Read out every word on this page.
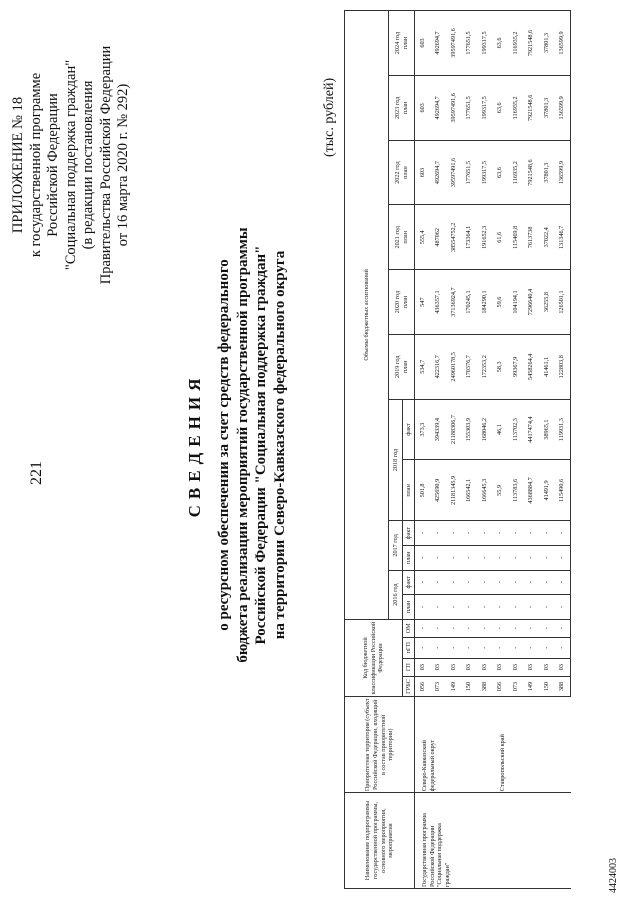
221
ПРИЛОЖЕНИЕ № 18 к государственной программе Российской Федерации "Социальная поддержка граждан" (в редакции постановления Правительства Российской Федерации от 16 марта 2020 г. № 292)
СВЕДЕНИЯ о ресурсном обеспечении за счет средств федерального бюджета реализации мероприятий государственной программы Российской Федерации "Социальная поддержка граждан" на территории Северо-Кавказского федерального округа
(тыс. рублей)
Наименование подпрограммы государственной программы, основного мероприятия, мероприятия	Приоритетная территория (субъект Российской Федерации, входящий в состав приоритетной территории)	Код бюджетной классификации Российской Федерации				Объемы бюджетных ассигнований											
						2016 год		2017 год		2018 год		2019 год
план	2020 год
план	2021 год
план	2022 год
план	2023 год
план	2024 год
план
		ГРБС	ГП	пГП	ОМ	план	факт	план	факт	план	факт						
Государственная программа
Российской Федерации
"Социальная поддержка
граждан"	Северо-Кавказский
федеральный округ	056	03	-	-	-	-	-	-	501,8	373,3	534,7	547	555,4	603	603	603
		073	03	-	-	-	-	-	-	425690,9	394339,4	422316,7	436357,1	487062	492694,7	492694,7	492694,7
		149	03	-	-	-	-	-	-	21181345,9	21188306,7	24960178,5	37136924,7	38554752,2	39597491,6	39597491,6	39597491,6
		150	03	-	-	-	-	-	-	166542,1	155303,9	170376,7	170245,1	173364,1	177651,5	177651,5	177651,5
		388	03	-	-	-	-	-	-	166645,3	168046,2	172353,2	184290,1	191652,3	199317,5	199317,5	199317,5
	Ставропольский край	056	03	-	-	-	-	-	-	55,9	46,1	58,3	59,6	61,6	63,6	63,6	63,6
		073	03	-	-	-	-	-	-	113783,6	113702,3	99367,9	104194,1	115469,8	116935,2	116935,2	116935,2
		149	03	-	-	-	-	-	-	4368884,7	4417474,4	5458264,4	7296640,4	7613738	7921548,6	7921548,6	7921548,6
		150	03	-	-	-	-	-	-	41491,9	38965,1	41461,1	36255,8	37022,4	37801,3	37801,3	37801,3
		388	03	-	-	-	-	-	-	115490,6	119931,3	122803,8	126501,1	131346,7	136599,9	136599,9	136599,9
4424003
